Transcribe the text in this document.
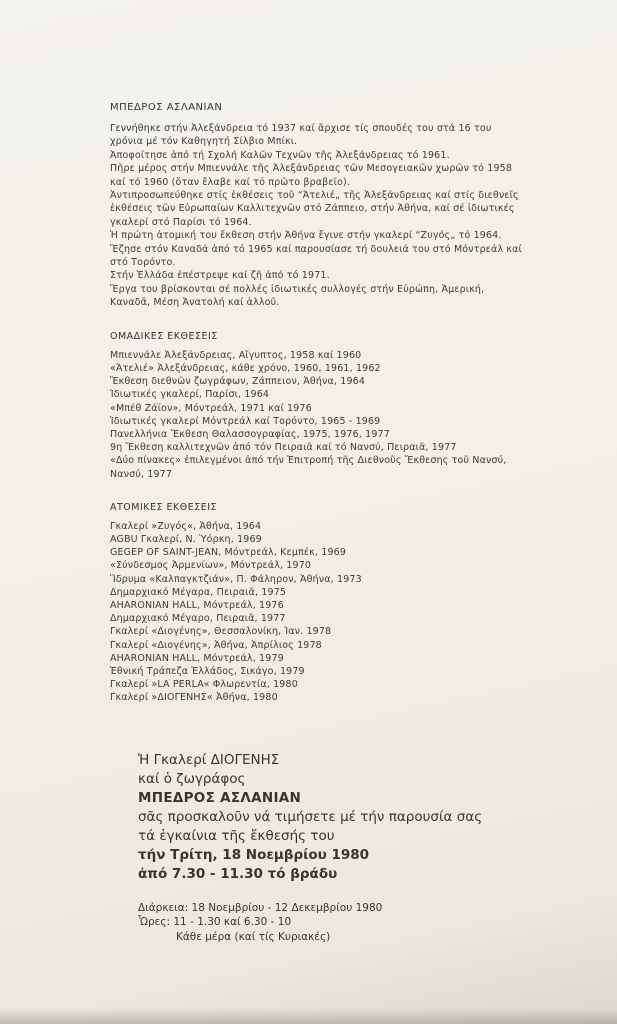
ΜΠΕΔΡΟΣ ΑΣΛΑΝΙΑΝ

Γεννήθηκε στήν Ἀλεξάνδρεια τό 1937 καί ἄρχισε τίς σπουδές του στά 16 του χρόνια μέ τόν Καθηγητή Σίλβιο Μπίκι.

Ἀποφοίτησε ἀπό τή Σχολή Καλῶν Τεχνῶν τῆς Ἀλεξάνδρειας τό 1961.

Πῆρε μέρος στήν Μπιεννάλε τῆς Ἀλεξάνδρειας τῶν Μεσογειακῶν χωρῶν τό 1958 καί τό 1960 (ὅταν ἔλαβε καί τό πρῶτο βραβεῖο).

Ἀντιπροσωπεύθηκε στίς ἐκθέσεις τοῦ “Ἀτελιέ„ τῆς Ἀλεξάνδρειας καί στίς διεθνεῖς ἐκθέσεις τῶν Εὐρωπαίων Καλλιτεχνῶν στό Ζάππειο, στήν Ἀθήνα, καί σέ ἰδιωτικές γκαλερί στό Παρίσι τό 1964.

Ἡ πρώτη ἀτομική του ἔκθεση στήν Ἀθήνα ἔγινε στήν γκαλερί “Ζυγός„ τό 1964.

Ἔζησε στόν Καναδά ἀπό τό 1965 καί παρουσίασε τή δουλειά του στό Μόντρεάλ καί στό Τορόντο.

Στήν Ἑλλάδα ἐπέστρεψε καί ζῆ ἀπό τό 1971.

Ἔργα του βρίσκονται σέ πολλές ἰδιωτικές συλλογές στήν Εὐρώπη, Ἀμερική, Καναδᾶ, Μέση Ἀνατολή καί ἀλλοῦ.

ΟΜΑΔΙΚΕΣ ΕΚΘΕΣΕΙΣ

Μπιεννάλε Ἀλεξάνδρειας, Αἴγυπτος, 1958 καί 1960

«Ἀτελιέ» Ἀλεξάνδρειας, κάθε χρόνο, 1960, 1961, 1962

Ἔκθεση διεθνῶν ζωγράφων, Ζάππειον, Ἀθήνα, 1964

Ἰδιωτικές γκαλερί, Παρίσι, 1964

«Μπέθ Ζάϊον», Μόντρεάλ, 1971 καί 1976

Ἰδιωτικές γκαλερί Μόντρεάλ καί Τορόντο, 1965 - 1969

Πανελλήνια Ἔκθεση Θαλασσογραφίας, 1975, 1976, 1977

9η Ἔκθεση καλλιτεχνῶν ἀπό τόν Πειραιᾶ καί τό Νανσύ, Πειραιᾶ, 1977

«Δύο πίνακες» ἐπιλεγμένοι ἀπό τήν Ἐπιτροπή τῆς Διεθνοῦς Ἔκθεσης τοῦ Νανσύ, Νανσύ, 1977

ΑΤΟΜΙΚΕΣ ΕΚΘΕΣΕΙΣ

Γκαλερί »Ζυγός«, Ἀθήνα, 1964

AGBU Γκαλερί, Ν. Ὑόρκη, 1969

GEGEP OF SAINT-JEAN, Μόντρεάλ, Κεμπέκ, 1969

«Σύνδεσμος Ἀρμενίων», Μόντρεάλ, 1970

Ἵδρυμα «Καλπαγκτζιάν», Π. Φάληρον, Ἀθήνα, 1973

Δημαρχιακό Μέγαρα, Πειραιᾶ, 1975

AHARONIAN HALL, Μόντρεάλ, 1976

Δημαρχιακό Μέγαρο, Πειραιᾶ, 1977

Γκαλερί «Διογένης», Θεσσαλονίκη, Ἰαν. 1978

Γκαλερί «Διογένης», Ἀθήνα, Ἀπρίλιος 1978

AHARONIAN HALL, Μόντρεάλ, 1979

Ἐθνική Τράπεζα Ἑλλάδος, Σικάγο, 1979

Γκαλερί »LA PERLA« Φλωρεντία, 1980

Γκαλερί »ΔΙΟΓΕΝΗΣ« Ἀθήνα, 1980

Ἡ Γκαλερί ΔΙΟΓΕΝΗΣ

καί ὁ ζωγράφος

ΜΠΕΔΡΟΣ ΑΣΛΑΝΙΑΝ

σᾶς προσκαλοῦν νά τιμήσετε μέ τήν παρουσία σας

τά ἐγκαίνια τῆς ἔκθεσής του

τήν Τρίτη, 18 Νοεμβρίου 1980

ἀπό 7.30 - 11.30 τό βράδυ

Διάρκεια: 18 Νοεμβρίου - 12 Δεκεμβρίου 1980

Ὧρες: 11 - 1.30 καί 6.30 - 10

Κάθε μέρα (καί τίς Κυριακές)
